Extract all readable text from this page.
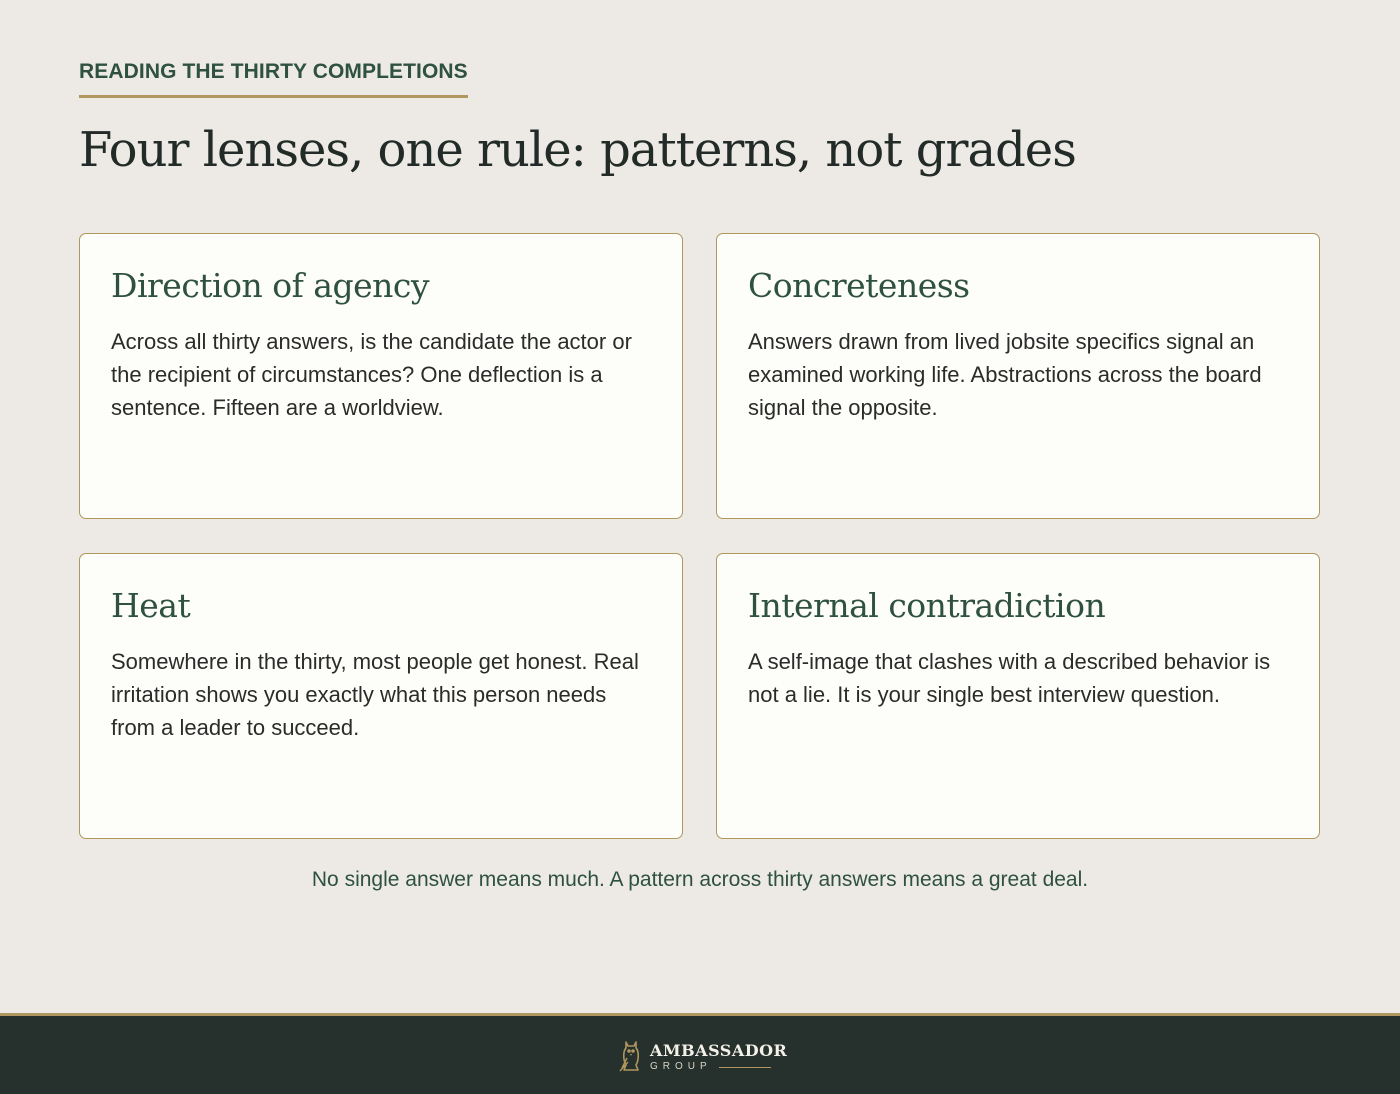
READING THE THIRTY COMPLETIONS
Four lenses, one rule: patterns, not grades
Direction of agency

Across all thirty answers, is the candidate the actor or the recipient of circumstances? One deflection is a sentence. Fifteen are a worldview.

Concreteness

Answers drawn from lived jobsite specifics signal an examined working life. Abstractions across the board signal the opposite.

Heat

Somewhere in the thirty, most people get honest. Real irritation shows you exactly what this person needs from a leader to succeed.

Internal contradiction

A self-image that clashes with a described behavior is not a lie. It is your single best interview question.

No single answer means much. A pattern across thirty answers means a great deal.
AMBASSADOR
GROUP
